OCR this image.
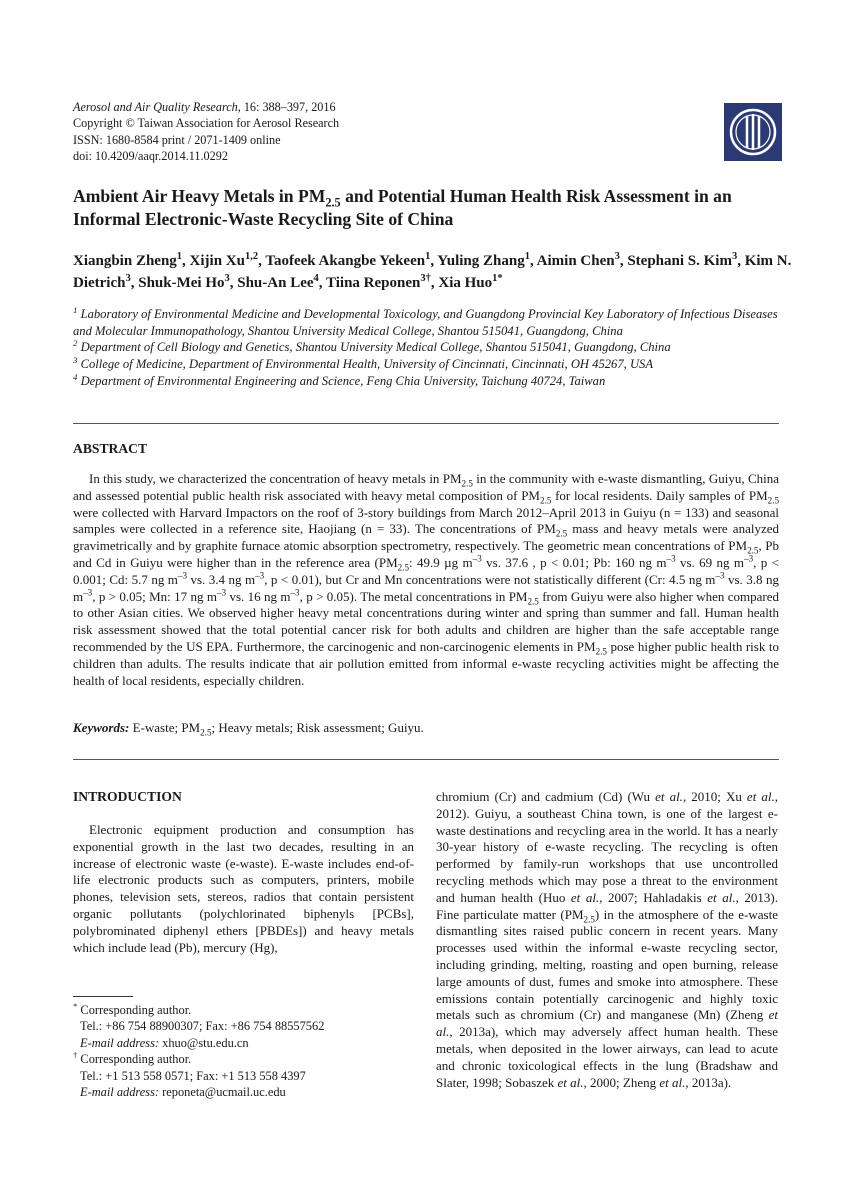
Aerosol and Air Quality Research, 16: 388–397, 2016
Copyright © Taiwan Association for Aerosol Research
ISSN: 1680-8584 print / 2071-1409 online
doi: 10.4209/aaqr.2014.11.0292
Ambient Air Heavy Metals in $PM_{2.5}$ and Potential Human Health Risk Assessment in an Informal Electronic-Waste Recycling Site of China
Xiangbin Zheng$^1$, Xijin Xu$^{1,2}$, Taofeek Akangbe Yekeen$^1$, Yuling Zhang$^1$, Aimin Chen$^3$, Stephani S. Kim$^3$, Kim N. Dietrich$^3$, Shuk-Mei Ho$^3$, Shu-An Lee$^4$, Tiina Reponen$^{3\dagger}$, Xia Huo$^{1*}$

$^1$ Laboratory of Environmental Medicine and Developmental Toxicology, and Guangdong Provincial Key Laboratory of Infectious Diseases and Molecular Immunopathology, Shantou University Medical College, Shantou 515041, Guangdong, China

$^2$ Department of Cell Biology and Genetics, Shantou University Medical College, Shantou 515041, Guangdong, China

$^3$ College of Medicine, Department of Environmental Health, University of Cincinnati, Cincinnati, OH 45267, USA

$^4$ Department of Environmental Engineering and Science, Feng Chia University, Taichung 40724, Taiwan

ABSTRACT
In this study, we characterized the concentration of heavy metals in $PM_{2.5}$ in the community with e-waste dismantling, Guiyu, China and assessed potential public health risk associated with heavy metal composition of $PM_{2.5}$ for local residents. Daily samples of $PM_{2.5}$ were collected with Harvard Impactors on the roof of 3-story buildings from March 2012–April 2013 in Guiyu (n = 133) and seasonal samples were collected in a reference site, Haojiang (n = 33). The concentrations of $PM_{2.5}$ mass and heavy metals were analyzed gravimetrically and by graphite furnace atomic absorption spectrometry, respectively. The geometric mean concentrations of $PM_{2.5}$, Pb and Cd in Guiyu were higher than in the reference area ($PM_{2.5}$: 49.9 µg $m^{-3}$ vs. 37.6 , p < 0.01; Pb: 160 ng $m^{-3}$ vs. 69 ng $m^{-3}$, p < 0.001; Cd: 5.7 ng $m^{-3}$ vs. 3.4 ng $m^{-3}$, p < 0.01), but Cr and Mn concentrations were not statistically different (Cr: 4.5 ng $m^{-3}$ vs. 3.8 ng $m^{-3}$, p > 0.05; Mn: 17 ng $m^{-3}$ vs. 16 ng $m^{-3}$, p > 0.05). The metal concentrations in $PM_{2.5}$ from Guiyu were also higher when compared to other Asian cities. We observed higher heavy metal concentrations during winter and spring than summer and fall. Human health risk assessment showed that the total potential cancer risk for both adults and children are higher than the safe acceptable range recommended by the US EPA. Furthermore, the carcinogenic and non-carcinogenic elements in $PM_{2.5}$ pose higher public health risk to children than adults. The results indicate that air pollution emitted from informal e-waste recycling activities might be affecting the health of local residents, especially children.
Keywords: E-waste; $PM_{2.5}$; Heavy metals; Risk assessment; Guiyu.
INTRODUCTION
Electronic equipment production and consumption has exponential growth in the last two decades, resulting in an increase of electronic waste (e-waste). E-waste includes end-of-life electronic products such as computers, printers, mobile phones, television sets, stereos, radios that contain persistent organic pollutants (polychlorinated biphenyls [PCBs], polybrominated diphenyl ethers [PBDEs]) and heavy metals which include lead (Pb), mercury (Hg),
chromium (Cr) and cadmium (Cd) (Wu et al., 2010; Xu et al., 2012). Guiyu, a southeast China town, is one of the largest e-waste destinations and recycling area in the world. It has a nearly 30-year history of e-waste recycling. The recycling is often performed by family-run workshops that use uncontrolled recycling methods which may pose a threat to the environment and human health (Huo et al., 2007; Hahladakis et al., 2013). Fine particulate matter $(PM_{2.5})$ in the atmosphere of the e-waste dismantling sites raised public concern in recent years. Many processes used within the informal e-waste recycling sector, including grinding, melting, roasting and open burning, release large amounts of dust, fumes and smoke into atmosphere. These emissions contain potentially carcinogenic and highly toxic metals such as chromium (Cr) and manganese (Mn) (Zheng et al., 2013a), which may adversely affect human health. These metals, when deposited in the lower airways, can lead to acute and chronic toxicological effects in the lung (Bradshaw and Slater, 1998; Sobaszek et al., 2000; Zheng et al., 2013a).

* Corresponding author.

Tel.: +86 754 88900307; Fax: +86 754 88557562

E-mail address: xhuo@stu.edu.cn

† Corresponding author.

Tel.: +1 513 558 0571; Fax: +1 513 558 4397

E-mail address: reponeta@ucmail.uc.edu
